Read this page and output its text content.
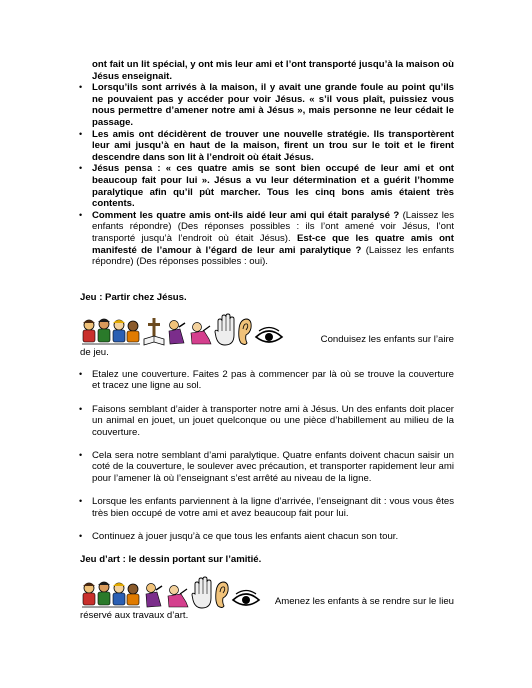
ont fait un lit spécial, y ont mis leur ami et l’ont transporté jusqu’à la maison où Jésus enseignait.
• Lorsqu’ils sont arrivés à la maison, il y avait une grande foule au point qu’ils ne pouvaient pas y accéder pour voir Jésus. « s’il vous plaît, puissiez vous nous permettre d’amener notre ami à Jésus », mais personne ne leur cédait le passage.
• Les amis ont décidèrent de trouver une nouvelle stratégie. Ils transportèrent leur ami jusqu’à en haut de la maison, firent un trou sur le toit et le firent descendre dans son lit à l’endroit où était Jésus.
• Jésus pensa : « ces quatre amis se sont bien occupé de leur ami et ont beaucoup fait pour lui ». Jésus a vu leur détermination et a guérit l’homme paralytique afin qu’il pût marcher. Tous les cinq bons amis étaient très contents.
• Comment les quatre amis ont-ils aidé leur ami qui était paralysé ? (Laissez les enfants répondre) (Des réponses possibles : ils l’ont amené voir Jésus, l’ont transporté jusqu’à l’endroit où était Jésus). Est-ce que les quatre amis ont manifesté de l’amour à l’égard de leur ami paralytique ? (Laissez les enfants répondre) (Des réponses possibles : oui).
Jeu : Partir chez Jésus.
Conduisez les enfants sur l’aire
de jeu.
• Etalez une couverture. Faites 2 pas à commencer par là où se trouve la couverture et tracez une ligne au sol.
• Faisons semblant d’aider à transporter notre ami à Jésus. Un des enfants doit placer un animal en jouet, un jouet quelconque ou une pièce d’habillement au milieu de la couverture.
• Cela sera notre semblant d’ami paralytique. Quatre enfants doivent chacun saisir un coté de la couverture, le soulever avec précaution, et transporter rapidement leur ami pour l’amener là où l’enseignant s’est arrêté au niveau de la ligne.
• Lorsque les enfants parviennent à la ligne d’arrivée, l’enseignant dit : vous vous êtes très bien occupé de votre ami et avez beaucoup fait pour lui.
• Continuez à jouer jusqu’à ce que tous les enfants aient chacun son tour.
Jeu d’art : le dessin portant sur l’amitié.
Amenez les enfants à se rendre sur le lieu
réservé aux travaux d’art.
